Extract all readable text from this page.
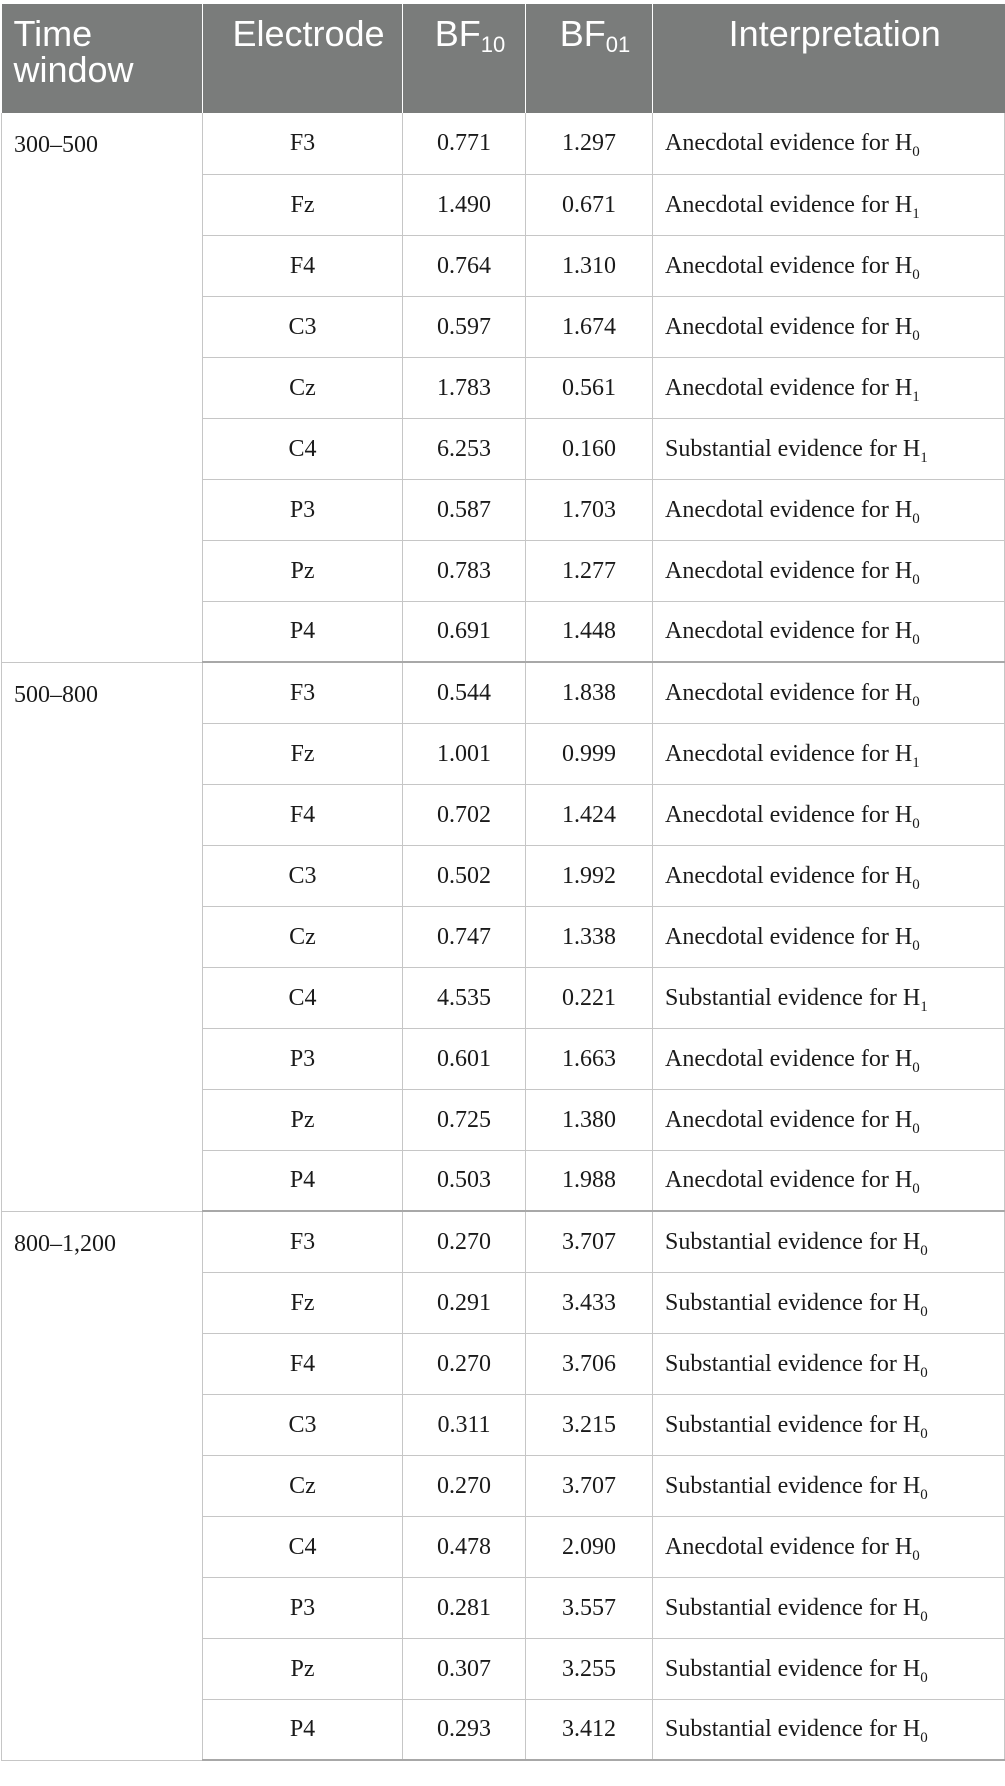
Time window	Electrode	$BF_{10}$	$BF_{01}$	Interpretation
300–500	F3	0.771	1.297	Anecdotal evidence for $H_0$
	Fz	1.490	0.671	Anecdotal evidence for $H_1$
	F4	0.764	1.310	Anecdotal evidence for $H_0$
	C3	0.597	1.674	Anecdotal evidence for $H_0$
	Cz	1.783	0.561	Anecdotal evidence for $H_1$
	C4	6.253	0.160	Substantial evidence for $H_1$
	P3	0.587	1.703	Anecdotal evidence for $H_0$
	Pz	0.783	1.277	Anecdotal evidence for $H_0$
	P4	0.691	1.448	Anecdotal evidence for $H_0$
500–800	F3	0.544	1.838	Anecdotal evidence for $H_0$
	Fz	1.001	0.999	Anecdotal evidence for $H_1$
	F4	0.702	1.424	Anecdotal evidence for $H_0$
	C3	0.502	1.992	Anecdotal evidence for $H_0$
	Cz	0.747	1.338	Anecdotal evidence for $H_0$
	C4	4.535	0.221	Substantial evidence for $H_1$
	P3	0.601	1.663	Anecdotal evidence for $H_0$
	Pz	0.725	1.380	Anecdotal evidence for $H_0$
	P4	0.503	1.988	Anecdotal evidence for $H_0$
800–1,200	F3	0.270	3.707	Substantial evidence for $H_0$
	Fz	0.291	3.433	Substantial evidence for $H_0$
	F4	0.270	3.706	Substantial evidence for $H_0$
	C3	0.311	3.215	Substantial evidence for $H_0$
	Cz	0.270	3.707	Substantial evidence for $H_0$
	C4	0.478	2.090	Anecdotal evidence for $H_0$
	P3	0.281	3.557	Substantial evidence for $H_0$
	Pz	0.307	3.255	Substantial evidence for $H_0$
	P4	0.293	3.412	Substantial evidence for $H_0$
